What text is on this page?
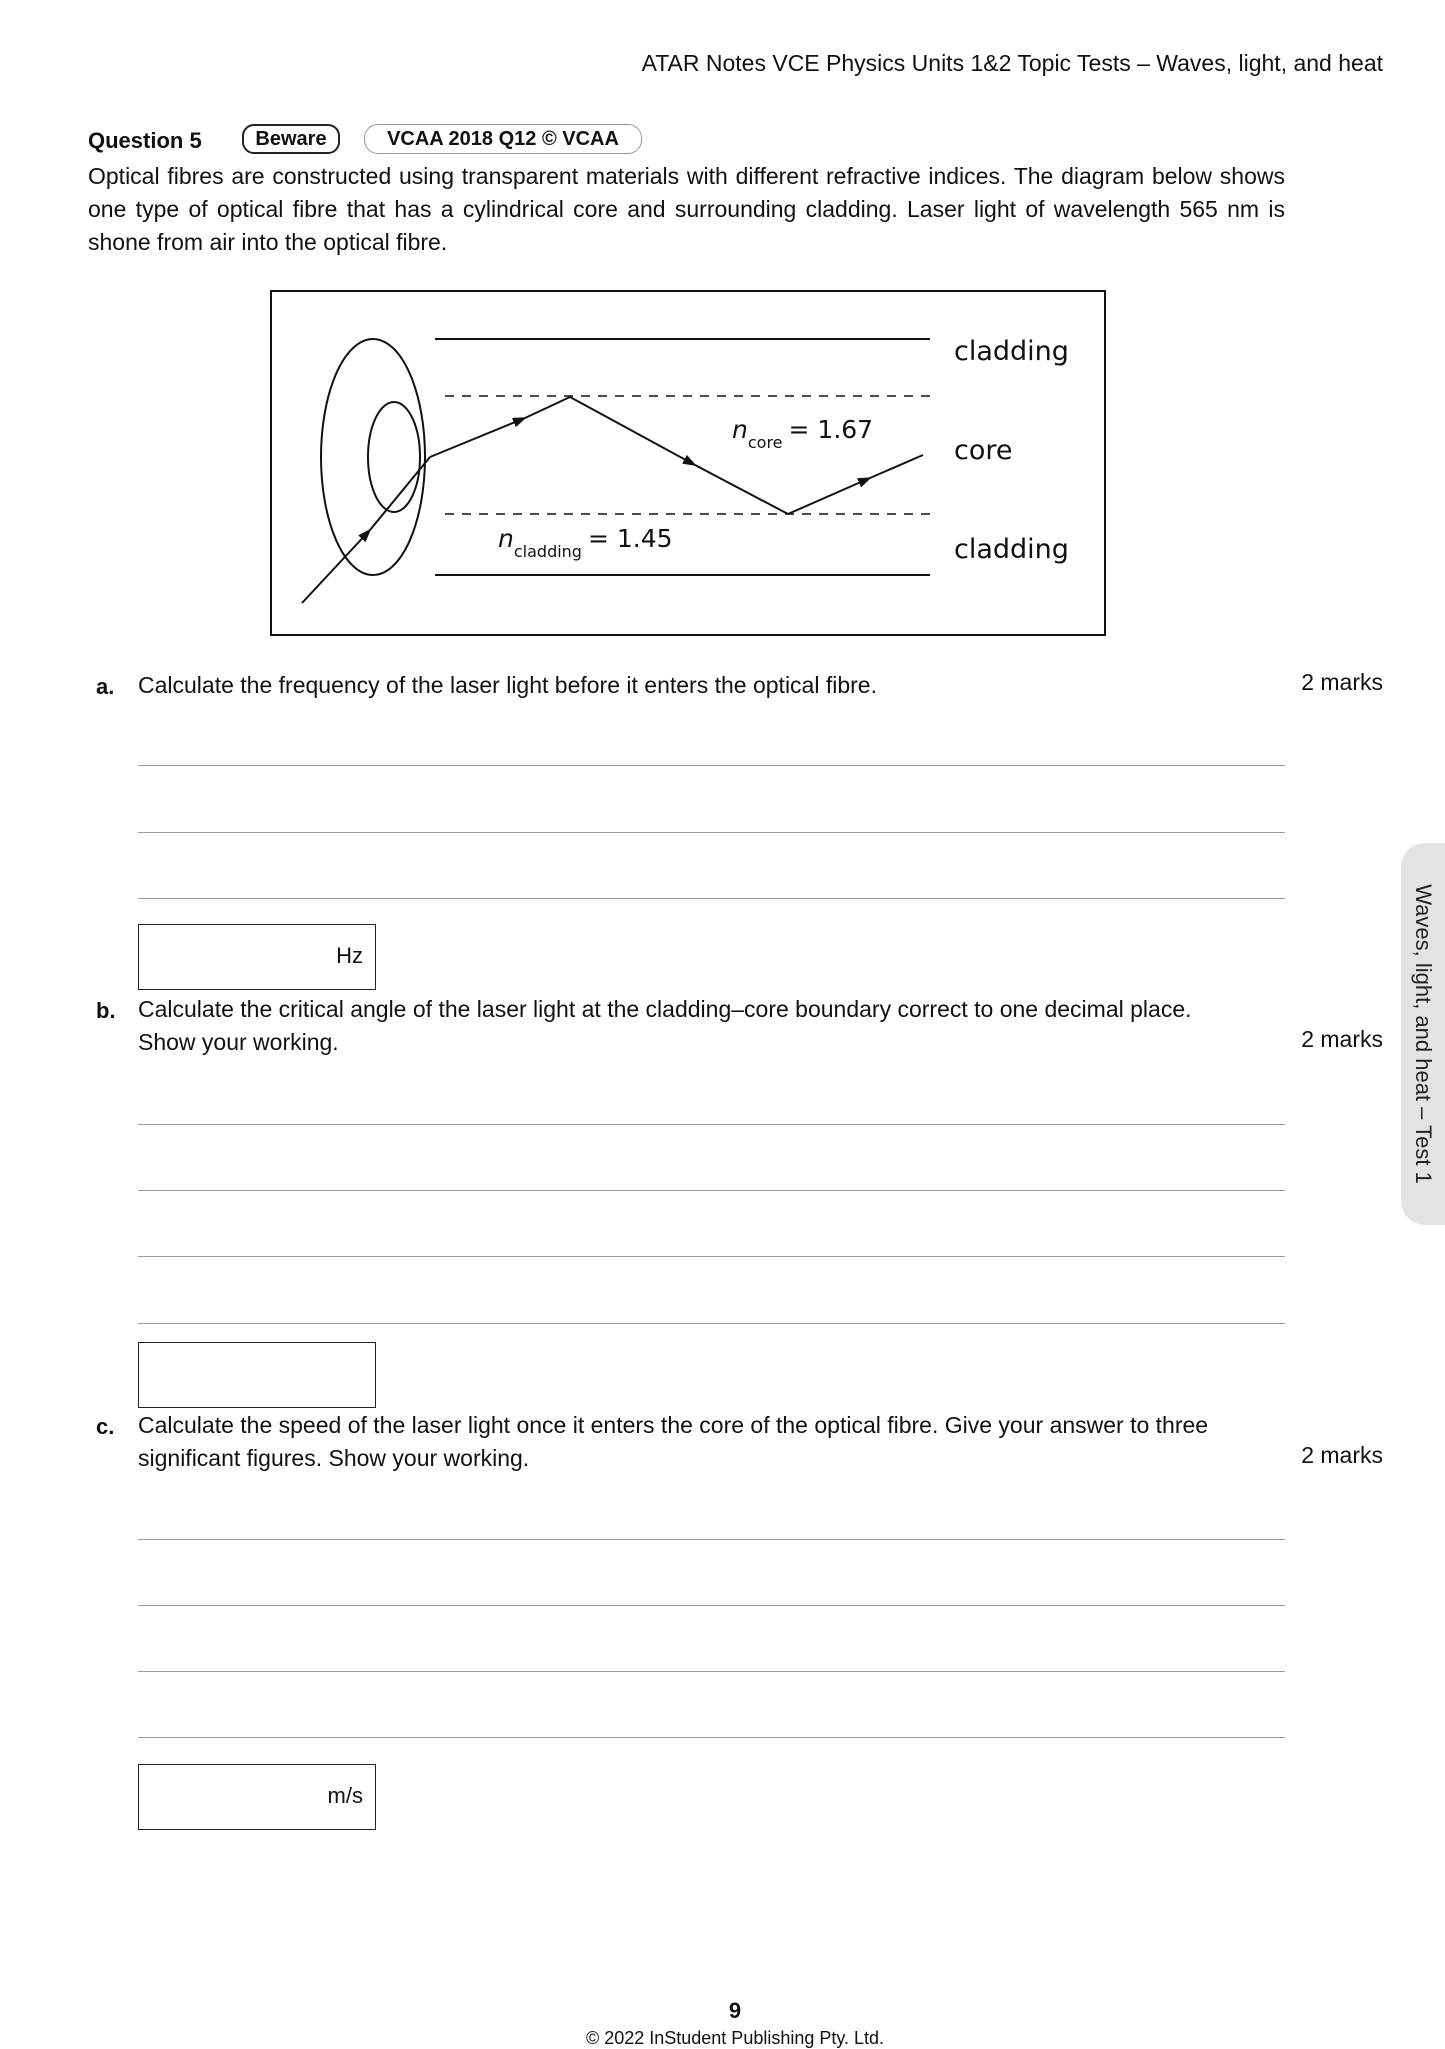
ATAR Notes VCE Physics Units 1&2 Topic Tests – Waves, light, and heat
Question 5	Beware	VCAA 2018 Q12 © VCAA

Optical fibres are constructed using transparent materials with different refractive indices. The diagram below shows one type of optical fibre that has a cylindrical core and surrounding cladding. Laser light of wavelength 565 nm is shone from air into the optical fibre.

cladding
core
cladding
$n_{core} = 1.67$
$n_{cladding} = 1.45$
a. Calculate the frequency of the laser light before it enters the optical fibre.	2 marks
Hz
b. Calculate the critical angle of the laser light at the cladding–core boundary correct to one decimal place.
Show your working.	2 marks
c. Calculate the speed of the laser light once it enters the core of the optical fibre. Give your answer to three
significant figures. Show your working.	2 marks
m/s
Waves, light, and heat – Test 1
9
© 2022 InStudent Publishing Pty. Ltd.
